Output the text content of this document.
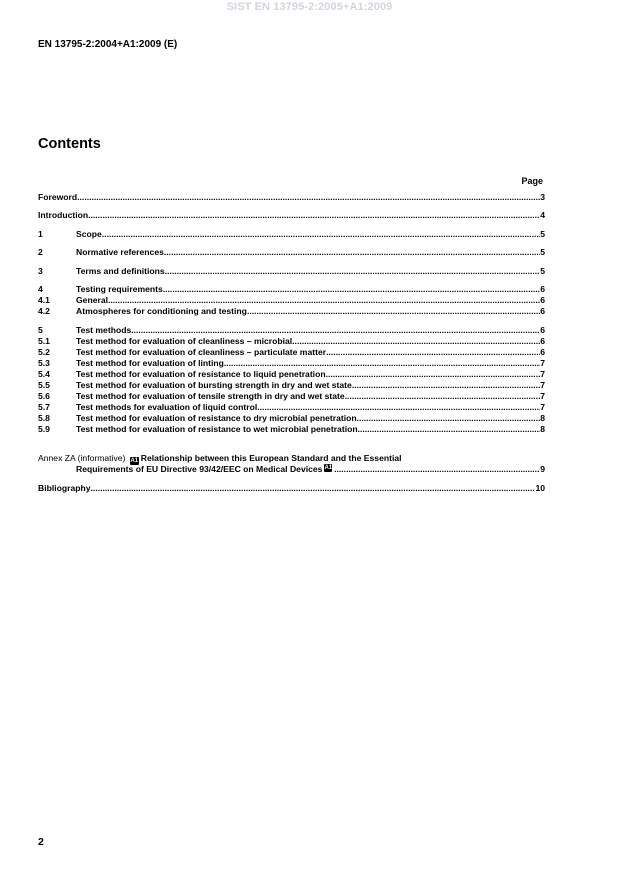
SIST EN 13795-2:2005+A1:2009
EN 13795-2:2004+A1:2009 (E)
Contents
Page
Foreword .....	3
Introduction .....	4
1	Scope .....	5
2	Normative references .....	5
3	Terms and definitions .....	5
4	Testing requirements .....	6
4.1	General .....	6
4.2	Atmospheres for conditioning and testing .....	6
5	Test methods .....	6
5.1	Test method for evaluation of cleanliness – microbial .....	6
5.2	Test method for evaluation of cleanliness – particulate matter .....	6
5.3	Test method for evaluation of linting .....	7
5.4	Test method for evaluation of resistance to liquid penetration .....	7
5.5	Test method for evaluation of bursting strength in dry and wet state .....	7
5.6	Test method for evaluation of tensile strength in dry and wet state .....	7
5.7	Test methods for evaluation of liquid control .....	7
5.8	Test method for evaluation of resistance to dry microbial penetration .....	8
5.9	Test method for evaluation of resistance to wet microbial penetration .....	8
Annex ZA (informative) A1 Relationship between this European Standard and the Essential
Requirements of EU Directive 93/42/EEC on Medical Devices A1 .....	9
Bibliography .....	10
2
